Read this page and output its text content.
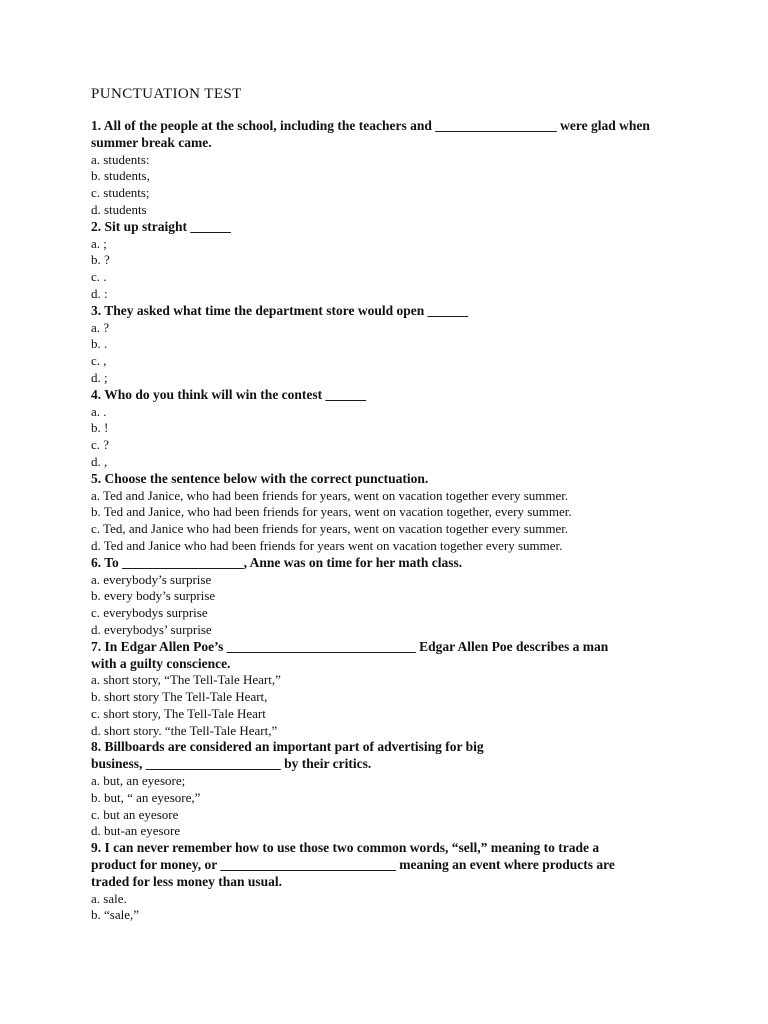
PUNCTUATION TEST

1. All of the people at the school, including the teachers and __________________ were glad when summer break came.

a. students:

b. students,

c. students;

d. students

2. Sit up straight ______

a. ;

b. ?

c. .

d. :

3. They asked what time the department store would open ______

a. ?

b. .

c. ,

d. ;

4. Who do you think will win the contest ______

a. .

b. !

c. ?

d. ,

5. Choose the sentence below with the correct punctuation.

a. Ted and Janice, who had been friends for years, went on vacation together every summer.

b. Ted and Janice, who had been friends for years, went on vacation together, every summer.

c. Ted, and Janice who had been friends for years, went on vacation together every summer.

d. Ted and Janice who had been friends for years went on vacation together every summer.

6. To __________________, Anne was on time for her math class.

a. everybody’s surprise

b. every body’s surprise

c. everybodys surprise

d. everybodys’ surprise

7. In Edgar Allen Poe’s ____________________________ Edgar Allen Poe describes a man
with a guilty conscience.

a. short story, “The Tell-Tale Heart,”

b. short story The Tell-Tale Heart,

c. short story, The Tell-Tale Heart

d. short story. “the Tell-Tale Heart,”

8. Billboards are considered an important part of advertising for big
business, ____________________ by their critics.

a. but, an eyesore;

b. but, “ an eyesore,”

c. but an eyesore

d. but-an eyesore

9. I can never remember how to use those two common words, “sell,” meaning to trade a
product for money, or __________________________ meaning an event where products are
traded for less money than usual.

a. sale.

b. “sale,”
